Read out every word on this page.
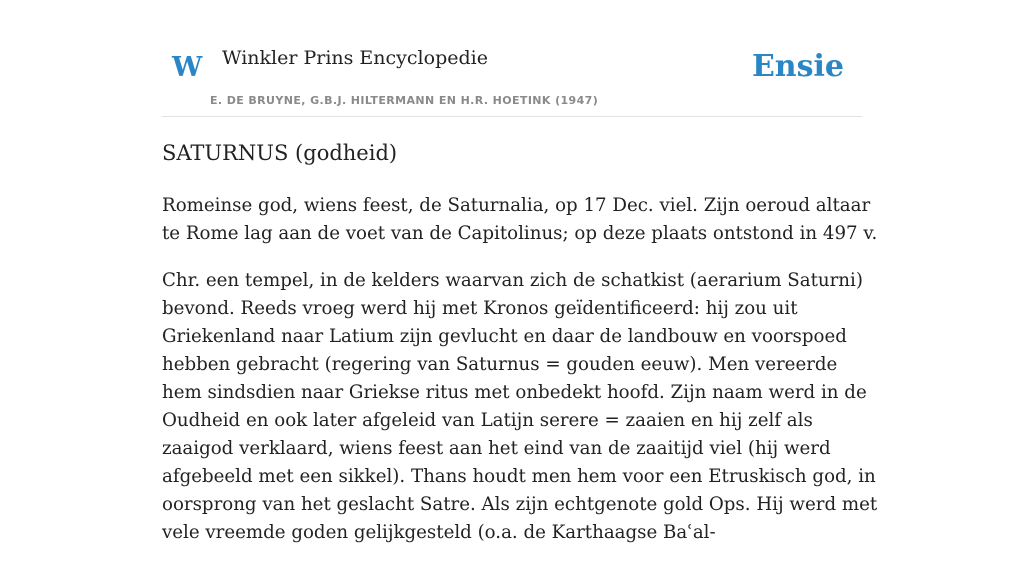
W Winkler Prins Encyclopedie
E. DE BRUYNE, G.B.J. HILTERMANN EN H.R. HOETINK (1947)
Ensie
SATURNUS (godheid)

Romeinse god, wiens feest, de Saturnalia, op 17 Dec. viel. Zijn oeroud altaar te Rome lag aan de voet van de Capitolinus; op deze plaats ontstond in 497 v.

Chr. een tempel, in de kelders waarvan zich de schatkist (aerarium Saturni) bevond. Reeds vroeg werd hij met Kronos geïdentificeerd: hij zou uit Griekenland naar Latium zijn gevlucht en daar de landbouw en voorspoed hebben gebracht (regering van Saturnus = gouden eeuw). Men vereerde hem sindsdien naar Griekse ritus met onbedekt hoofd. Zijn naam werd in de Oudheid en ook later afgeleid van Latijn serere = zaaien en hij zelf als zaaigod verklaard, wiens feest aan het eind van de zaaitijd viel (hij werd afgebeeld met een sikkel). Thans houdt men hem voor een Etruskisch god, in oorsprong van het geslacht Satre. Als zijn echtgenote gold Ops. Hij werd met vele vreemde goden gelijkgesteld (o.a. de Karthaagse Baʿal-
